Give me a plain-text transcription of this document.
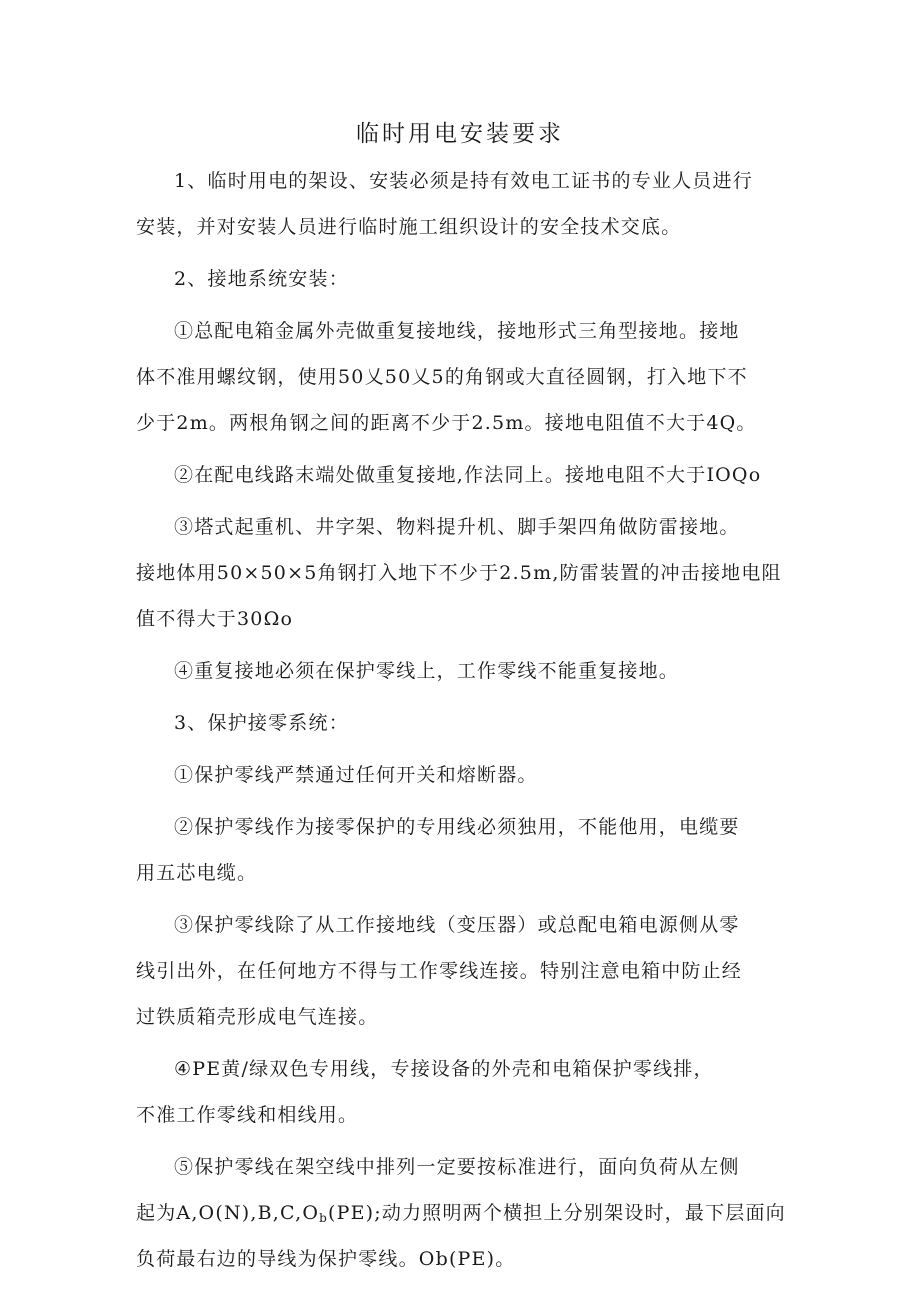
临时用电安装要求

1、临时用电的架设、安装必须是持有效电工证书的专业人员进行
安装，并对安装人员进行临时施工组织设计的安全技术交底。

2、接地系统安装：

①总配电箱金属外壳做重复接地线，接地形式三角型接地。接地
体不准用螺纹钢，使用50乂50乂5的角钢或大直径圆钢，打入地下不
少于2m。两根角钢之间的距离不少于2.5m。接地电阻值不大于4Q。

②在配电线路末端处做重复接地,作法同上。接地电阻不大于IOQo

③塔式起重机、井字架、物料提升机、脚手架四角做防雷接地。
接地体用50×50×5角钢打入地下不少于2.5m,防雷装置的冲击接地电阻
值不得大于30Ωo

④重复接地必须在保护零线上，工作零线不能重复接地。

3、保护接零系统：

①保护零线严禁通过任何开关和熔断器。

②保护零线作为接零保护的专用线必须独用，不能他用，电缆要
用五芯电缆。

③保护零线除了从工作接地线（变压器）或总配电箱电源侧从零
线引出外，在任何地方不得与工作零线连接。特别注意电箱中防止经
过铁质箱壳形成电气连接。

④PE黄/绿双色专用线，专接设备的外壳和电箱保护零线排，
不准工作零线和相线用。

⑤保护零线在架空线中排列一定要按标准进行，面向负荷从左侧
起为$A,O(N),B,C,O_b(PE)$;动力照明两个横担上分别架设时，最下层面向
负荷最右边的导线为保护零线。Ob(PE)。
